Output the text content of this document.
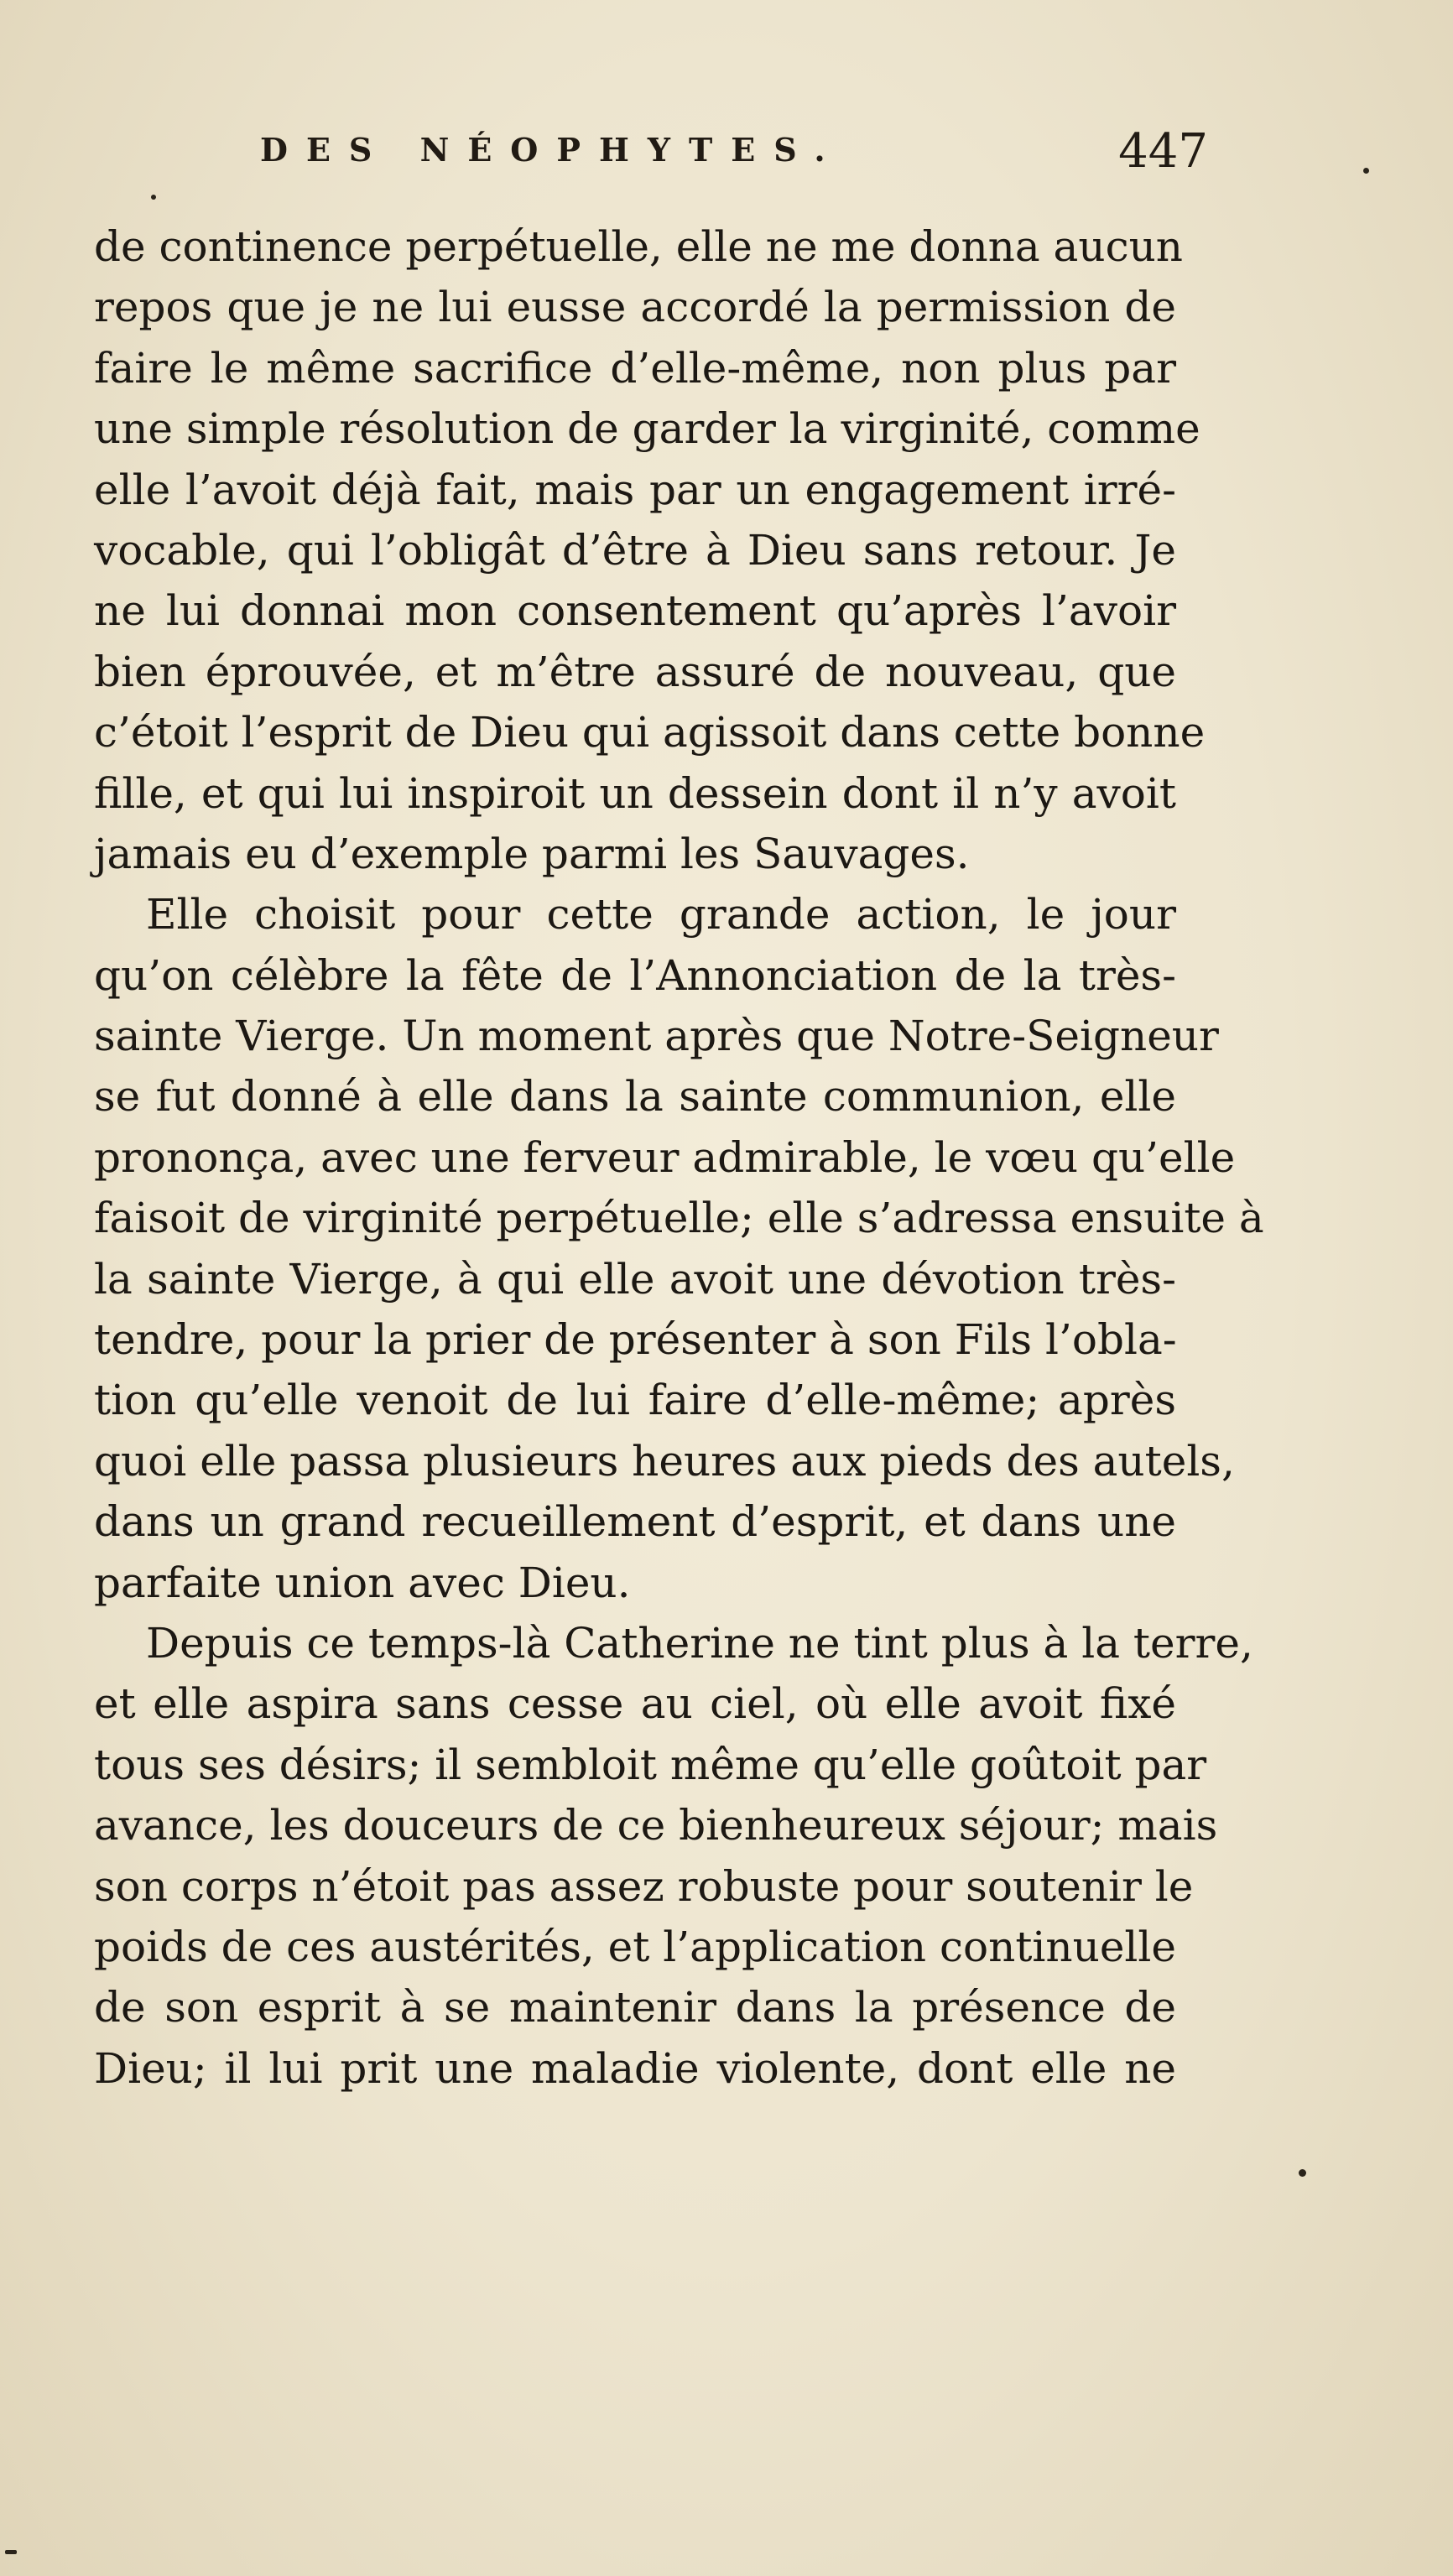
DES NÉOPHYTES.	447
de continence perpétuelle, elle ne me donna aucun
repos que je ne lui eusse accordé la permission de
faire le même sacrifice d’elle-même, non plus par
une simple résolution de garder la virginité, comme
elle l’avoit déjà fait, mais par un engagement irré-
vocable, qui l’obligât d’être à Dieu sans retour. Je
ne lui donnai mon consentement qu’après l’avoir
bien éprouvée, et m’être assuré de nouveau, que
c’étoit l’esprit de Dieu qui agissoit dans cette bonne
fille, et qui lui inspiroit un dessein dont il n’y avoit
jamais eu d’exemple parmi les Sauvages.
Elle choisit pour cette grande action, le jour
qu’on célèbre la fête de l’Annonciation de la très-
sainte Vierge. Un moment après que Notre-Seigneur
se fut donné à elle dans la sainte communion, elle
prononça, avec une ferveur admirable, le vœu qu’elle
faisoit de virginité perpétuelle; elle s’adressa ensuite à
la sainte Vierge, à qui elle avoit une dévotion très-
tendre, pour la prier de présenter à son Fils l’obla-
tion qu’elle venoit de lui faire d’elle-même; après
quoi elle passa plusieurs heures aux pieds des autels,
dans un grand recueillement d’esprit, et dans une
parfaite union avec Dieu.
Depuis ce temps-là Catherine ne tint plus à la terre,
et elle aspira sans cesse au ciel, où elle avoit fixé
tous ses désirs; il sembloit même qu’elle goûtoit par
avance, les douceurs de ce bienheureux séjour; mais
son corps n’étoit pas assez robuste pour soutenir le
poids de ces austérités, et l’application continuelle
de son esprit à se maintenir dans la présence de
Dieu; il lui prit une maladie violente, dont elle ne
